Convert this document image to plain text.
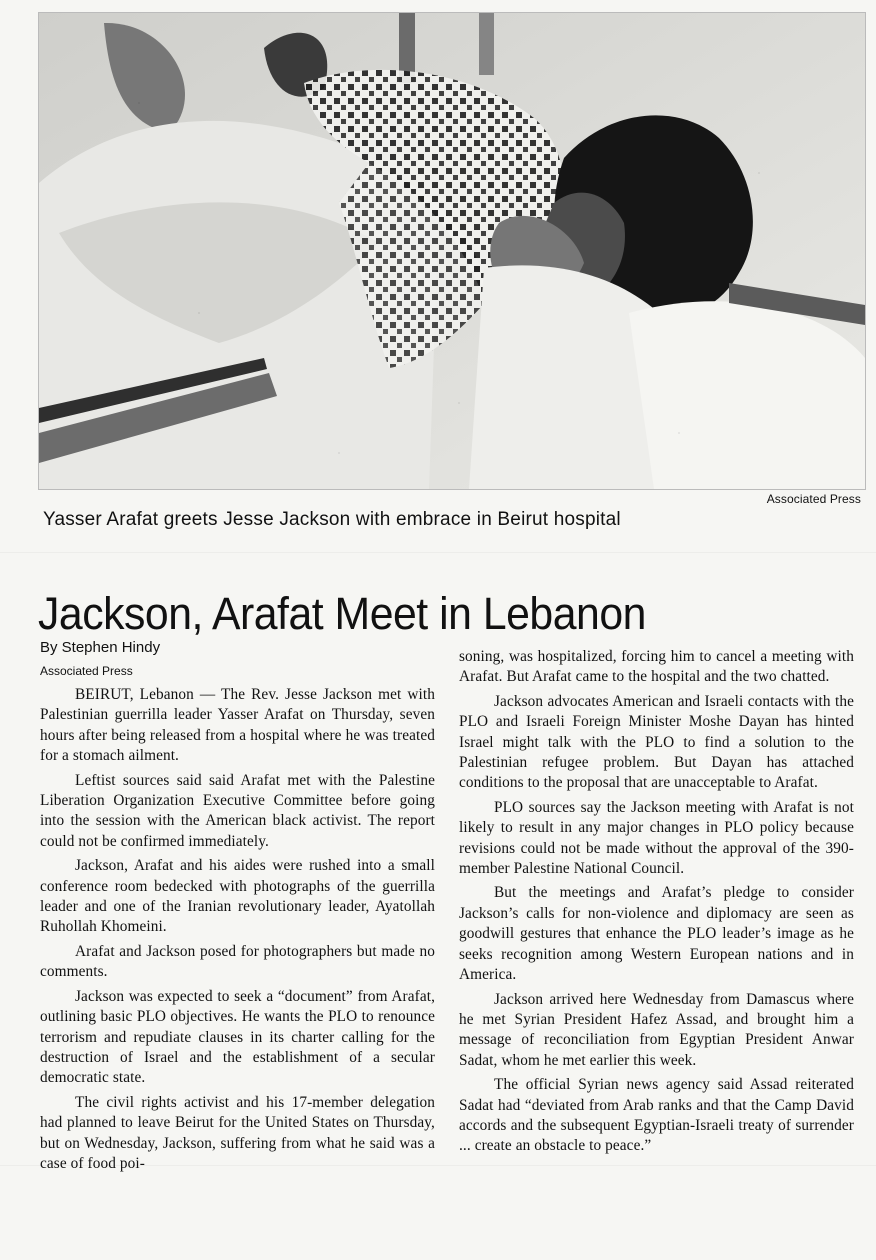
Associated Press
Yasser Arafat greets Jesse Jackson with embrace in Beirut hospital
Jackson, Arafat Meet in Lebanon
By Stephen Hindy
Associated Press

BEIRUT, Lebanon — The Rev. Jesse Jackson met with Palestinian guerrilla leader Yasser Arafat on Thursday, seven hours after being released from a hospital where he was treated for a stomach ailment.

Leftist sources said said Arafat met with the Palestine Liberation Organization Executive Committee before going into the session with the American black activist. The report could not be confirmed immediately.

Jackson, Arafat and his aides were rushed into a small conference room bedecked with photographs of the guerrilla leader and one of the Iranian revolutionary leader, Ayatollah Ruhollah Khomeini.

Arafat and Jackson posed for photographers but made no comments.

Jackson was expected to seek a “document” from Arafat, outlining basic PLO objectives. He wants the PLO to renounce terrorism and repudiate clauses in its charter calling for the destruction of Israel and the establishment of a secular democratic state.

The civil rights activist and his 17-member delegation had planned to leave Beirut for the United States on Thursday, but on Wednesday, Jackson, suffering from what he said was a case of food poi-

soning, was hospitalized, forcing him to cancel a meeting with Arafat. But Arafat came to the hospital and the two chatted.

Jackson advocates American and Israeli contacts with the PLO and Israeli Foreign Minister Moshe Dayan has hinted Israel might talk with the PLO to find a solution to the Palestinian refugee problem. But Dayan has attached conditions to the proposal that are unacceptable to Arafat.

PLO sources say the Jackson meeting with Arafat is not likely to result in any major changes in PLO policy because revisions could not be made without the approval of the 390-member Palestine National Council.

But the meetings and Arafat’s pledge to consider Jackson’s calls for non-violence and diplomacy are seen as goodwill gestures that enhance the PLO leader’s image as he seeks recognition among Western European nations and in America.

Jackson arrived here Wednesday from Damascus where he met Syrian President Hafez Assad, and brought him a message of reconciliation from Egyptian President Anwar Sadat, whom he met earlier this week.

The official Syrian news agency said Assad reiterated Sadat had “deviated from Arab ranks and that the Camp David accords and the subsequent Egyptian-Israeli treaty of surrender ... create an obstacle to peace.”
